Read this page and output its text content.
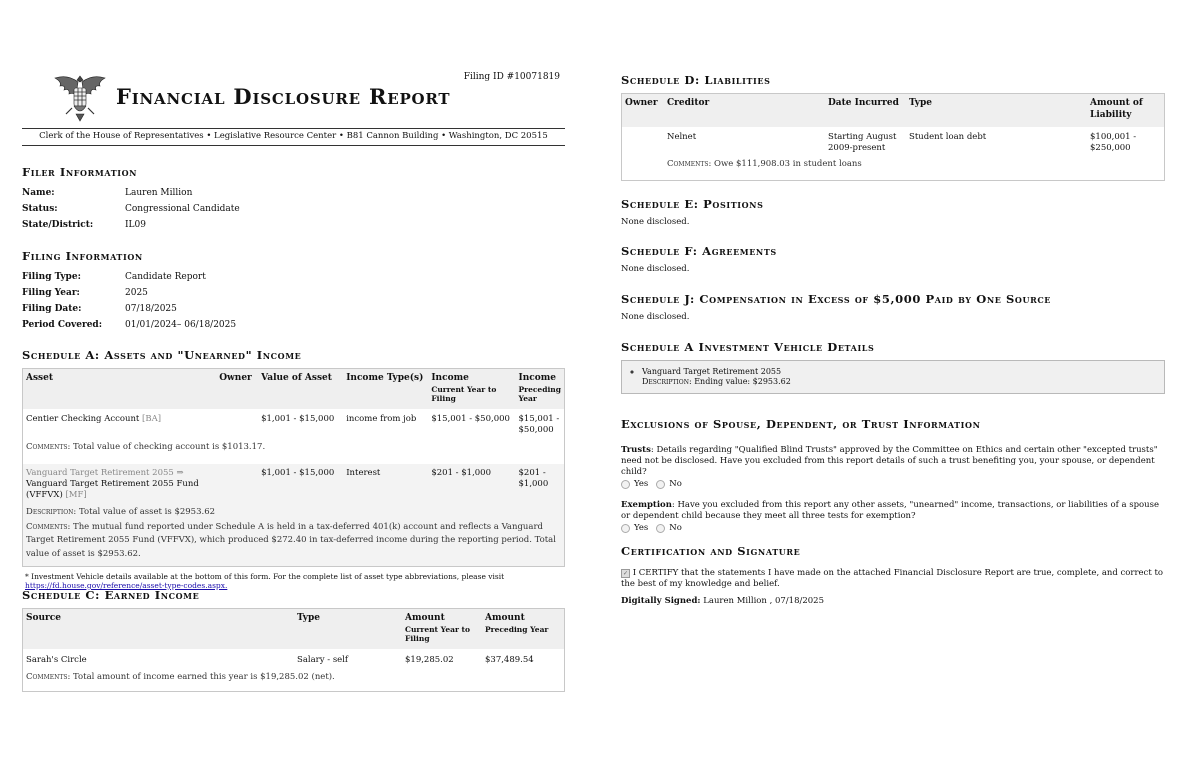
Filing ID #10071819
Financial Disclosure Report
Clerk of the House of Representatives • Legislative Resource Center • B81 Cannon Building • Washington, DC 20515
Filer Information
Name:	Lauren Million
Status:	Congressional Candidate
State/District:	IL09
Filing Information
Filing Type:	Candidate Report
Filing Year:	2025
Filing Date:	07/18/2025
Period Covered:	01/01/2024– 06/18/2025
Schedule A: Assets and "Unearned" Income
Asset	Owner	Value of Asset	Income Type(s)	Income
Current Year to Filing	Income
Preceding Year

Centier Checking Account [BA]		$1,001 - $15,000	income from job	$15,001 - $50,000	$15,001 - $50,000
Comments: Total value of checking account is $1013.17.					

Vanguard Target Retirement 2055 ⇒
Vanguard Target Retirement 2055 Fund (VFFVX) [MF]		$1,001 - $15,000	Interest	$201 - $1,000	$201 - $1,000
Description: Total value of asset is $2953.62					
Comments: The mutual fund reported under Schedule A is held in a tax-deferred 401(k) account and reflects a Vanguard Target Retirement 2055 Fund (VFFVX), which produced $272.40 in tax-deferred income during the reporting period. Total value of asset is $2953.62.					
* Investment Vehicle details available at the bottom of this form. For the complete list of asset type abbreviations, please visit
https://fd.house.gov/reference/asset-type-codes.aspx.
Schedule C: Earned Income
Source	Type	Amount
Current Year to Filing	Amount
Preceding Year

Sarah's Circle	Salary - self	$19,285.02	$37,489.54
Comments: Total amount of income earned this year is $19,285.02 (net).			
Schedule D: Liabilities
Owner	Creditor	Date Incurred	Type	Amount of Liability
	Nelnet	Starting August 2009-present	Student loan debt	$100,001 - $250,000
	Comments: Owe $111,908.03 in student loans			
Schedule E: Positions
None disclosed.
Schedule F: Agreements
None disclosed.
Schedule J: Compensation in Excess of $5,000 Paid by One Source
None disclosed.
Schedule A Investment Vehicle Details
◦ Vanguard Target Retirement 2055
Description: Ending value: $2953.62
Exclusions of Spouse, Dependent, or Trust Information

Trusts: Details regarding "Qualified Blind Trusts" approved by the Committee on Ethics and certain other "excepted trusts" need not be disclosed. Have you excluded from this report details of such a trust benefiting you, your spouse, or dependent child?

Yes No

Exemption: Have you excluded from this report any other assets, "unearned" income, transactions, or liabilities of a spouse or dependent child because they meet all three tests for exemption?

Yes No
Certification and Signature

✓ I CERTIFY that the statements I have made on the attached Financial Disclosure Report are true, complete, and correct to the best of my knowledge and belief.

Digitally Signed: Lauren Million , 07/18/2025
